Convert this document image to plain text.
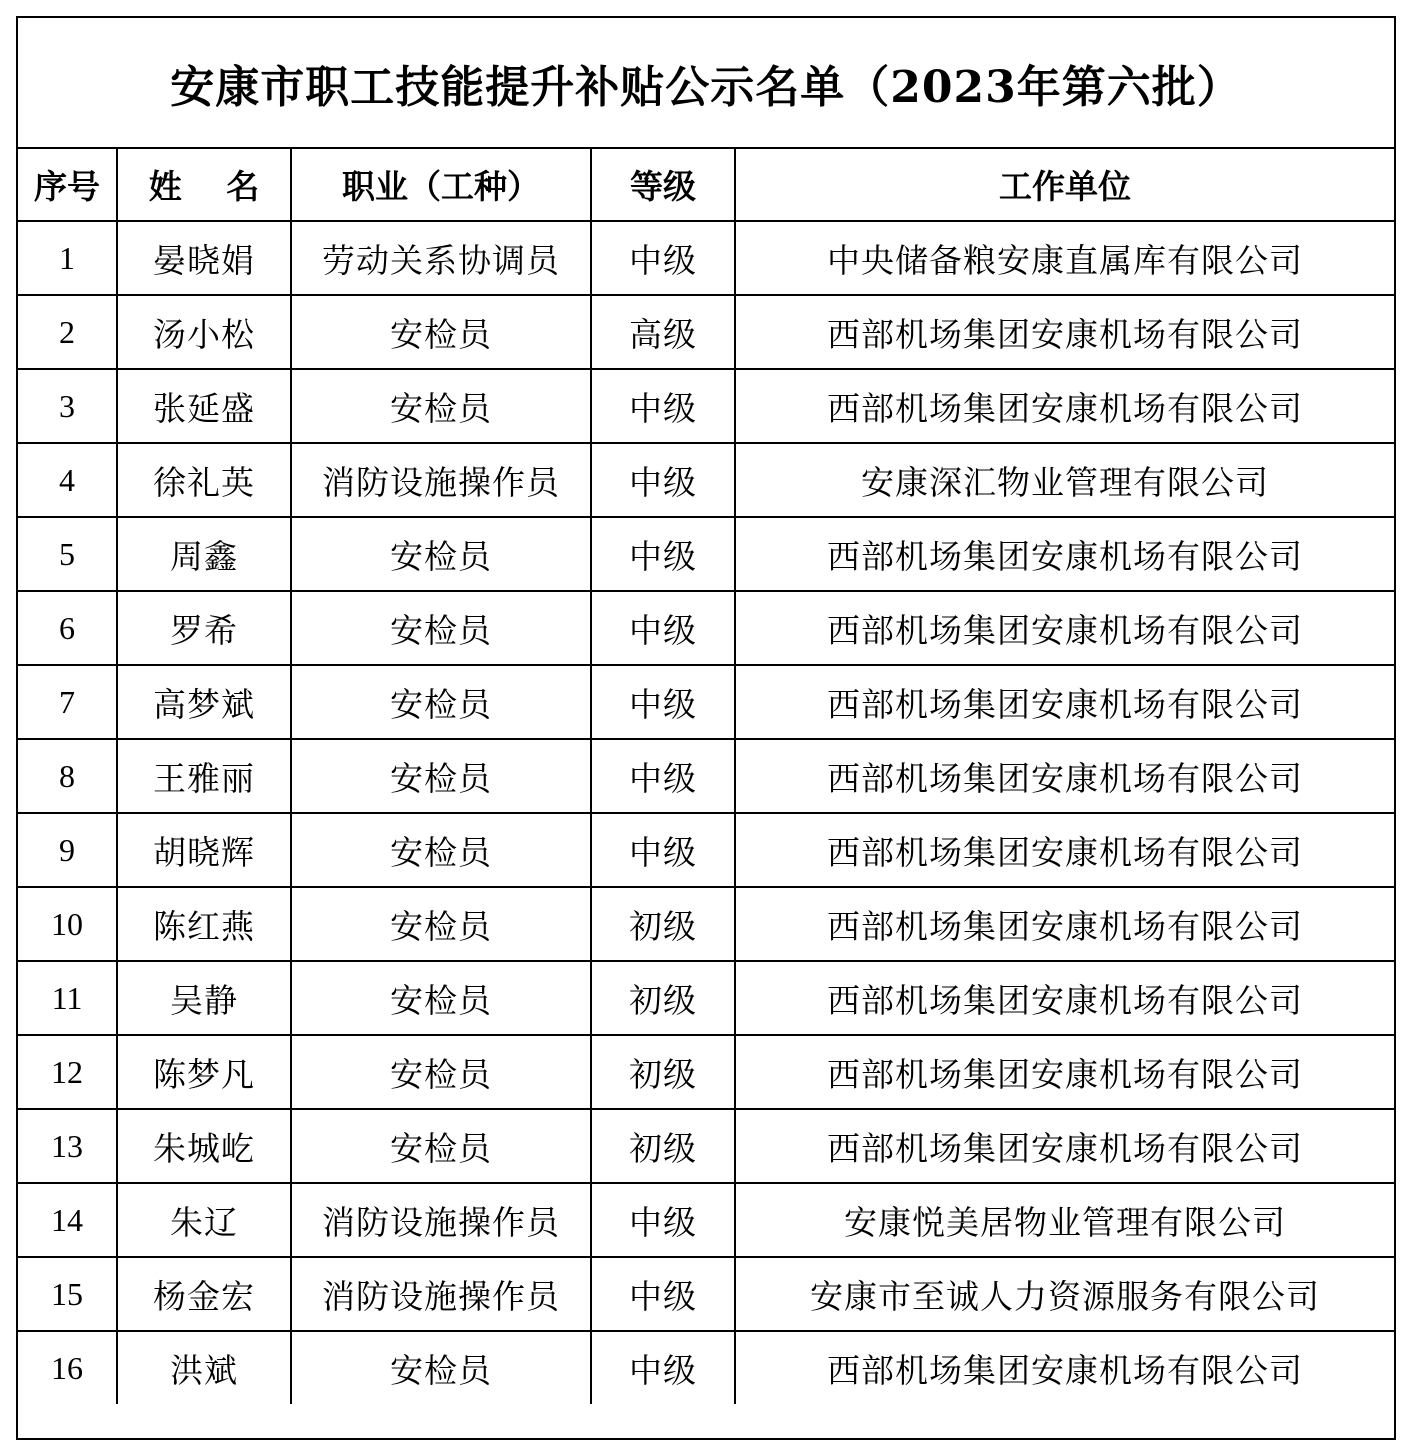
安康市职工技能提升补贴公示名单（2023年第六批）
序号	姓　 名	职业（工种）	等级	工作单位
1	晏晓娟	劳动关系协调员	中级	中央储备粮安康直属库有限公司
2	汤小松	安检员	高级	西部机场集团安康机场有限公司
3	张延盛	安检员	中级	西部机场集团安康机场有限公司
4	徐礼英	消防设施操作员	中级	安康深汇物业管理有限公司
5	周鑫	安检员	中级	西部机场集团安康机场有限公司
6	罗希	安检员	中级	西部机场集团安康机场有限公司
7	高梦斌	安检员	中级	西部机场集团安康机场有限公司
8	王雅丽	安检员	中级	西部机场集团安康机场有限公司
9	胡晓辉	安检员	中级	西部机场集团安康机场有限公司
10	陈红燕	安检员	初级	西部机场集团安康机场有限公司
11	吴静	安检员	初级	西部机场集团安康机场有限公司
12	陈梦凡	安检员	初级	西部机场集团安康机场有限公司
13	朱城屹	安检员	初级	西部机场集团安康机场有限公司
14	朱辽	消防设施操作员	中级	安康悦美居物业管理有限公司
15	杨金宏	消防设施操作员	中级	安康市至诚人力资源服务有限公司
16	洪斌	安检员	中级	西部机场集团安康机场有限公司
